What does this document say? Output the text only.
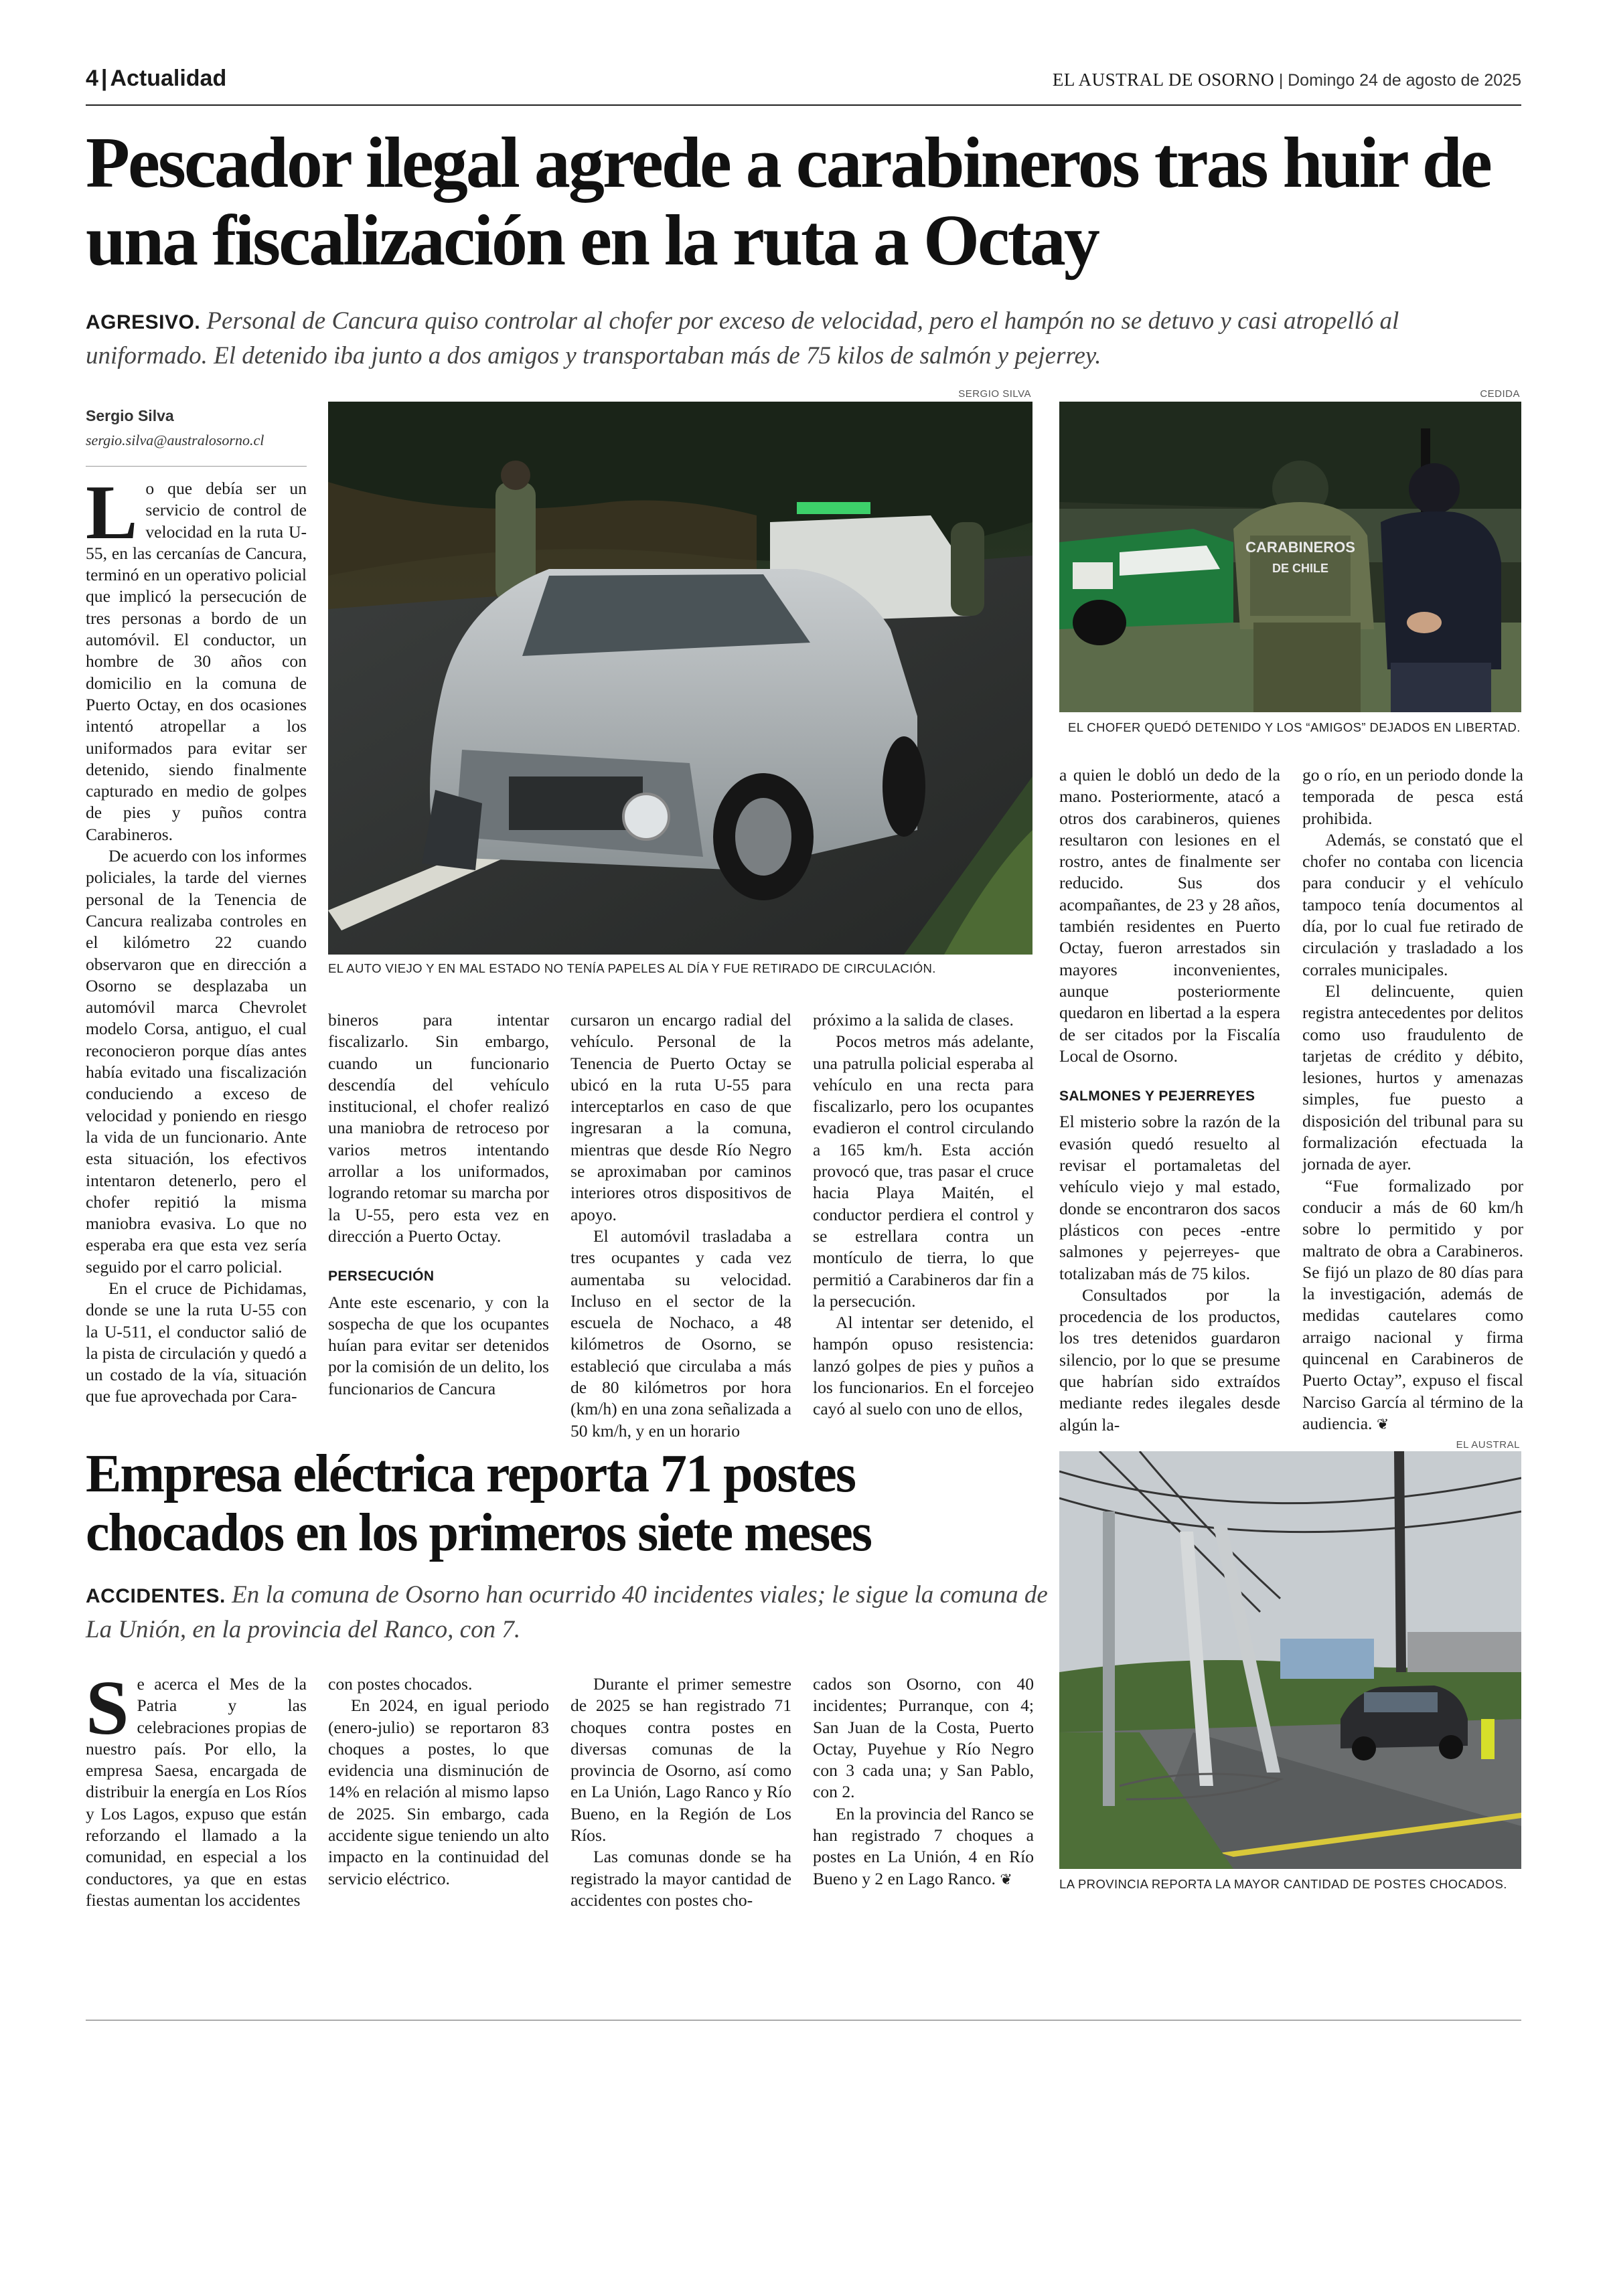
4 | Actualidad	EL AUSTRAL DE OSORNO | Domingo 24 de agosto de 2025
Pescador ilegal agrede a carabineros tras huir de una fiscalización en la ruta a Octay
AGRESIVO. Personal de Cancura quiso controlar al chofer por exceso de velocidad, pero el hampón no se detuvo y casi atropelló al uniformado. El detenido iba junto a dos amigos y transportaban más de 75 kilos de salmón y pejerrey.
Sergio Silva
sergio.silva@australosorno.cl
SERGIO SILVA
EL AUTO VIEJO Y EN MAL ESTADO NO TENÍA PAPELES AL DÍA Y FUE RETIRADO DE CIRCULACIÓN.
CEDIDA
CARABINEROS
DE CHILE
EL CHOFER QUEDÓ DETENIDO Y LOS “AMIGOS” DEJADOS EN LIBERTAD.

Lo que debía ser un servicio de control de velocidad en la ruta U-55, en las cercanías de Cancura, terminó en un operativo policial que implicó la persecución de tres personas a bordo de un automóvil. El conductor, un hombre de 30 años con domicilio en la comuna de Puerto Octay, en dos ocasiones intentó atropellar a los uniformados para evitar ser detenido, siendo finalmente capturado en medio de golpes de pies y puños contra Carabineros.

De acuerdo con los informes policiales, la tarde del viernes personal de la Tenencia de Cancura realizaba controles en el kilómetro 22 cuando observaron que en dirección a Osorno se desplazaba un automóvil marca Chevrolet modelo Corsa, antiguo, el cual reconocieron porque días antes había evitado una fiscalización conduciendo a exceso de velocidad y poniendo en riesgo la vida de un funcionario. Ante esta situación, los efectivos intentaron detenerlo, pero el chofer repitió la misma maniobra evasiva. Lo que no esperaba era que esta vez sería seguido por el carro policial.

En el cruce de Pichidamas, donde se une la ruta U-55 con la U-511, el conductor salió de la pista de circulación y quedó a un costado de la vía, situación que fue aprovechada por Cara-

bineros para intentar fiscalizarlo. Sin embargo, cuando un funcionario descendía del vehículo institucional, el chofer realizó una maniobra de retroceso por varios metros intentando arrollar a los uniformados, logrando retomar su marcha por la U-55, pero esta vez en dirección a Puerto Octay.

PERSECUCIÓN

Ante este escenario, y con la sospecha de que los ocupantes huían para evitar ser detenidos por la comisión de un delito, los funcionarios de Cancura

cursaron un encargo radial del vehículo. Personal de la Tenencia de Puerto Octay se ubicó en la ruta U-55 para interceptarlos en caso de que ingresaran a la comuna, mientras que desde Río Negro se aproximaban por caminos interiores otros dispositivos de apoyo.

El automóvil trasladaba a tres ocupantes y cada vez aumentaba su velocidad. Incluso en el sector de la escuela de Nochaco, a 48 kilómetros de Osorno, se estableció que circulaba a más de 80 kilómetros por hora (km/h) en una zona señalizada a 50 km/h, y en un horario

próximo a la salida de clases.

Pocos metros más adelante, una patrulla policial esperaba al vehículo en una recta para fiscalizarlo, pero los ocupantes evadieron el control circulando a 165 km/h. Esta acción provocó que, tras pasar el cruce hacia Playa Maitén, el conductor perdiera el control y se estrellara contra un montículo de tierra, lo que permitió a Carabineros dar fin a la persecución.

Al intentar ser detenido, el hampón opuso resistencia: lanzó golpes de pies y puños a los funcionarios. En el forcejeo cayó al suelo con uno de ellos,

a quien le dobló un dedo de la mano. Posteriormente, atacó a otros dos carabineros, quienes resultaron con lesiones en el rostro, antes de finalmente ser reducido. Sus dos acompañantes, de 23 y 28 años, también residentes en Puerto Octay, fueron arrestados sin mayores inconvenientes, aunque posteriormente quedaron en libertad a la espera de ser citados por la Fiscalía Local de Osorno.

SALMONES Y PEJERREYES

El misterio sobre la razón de la evasión quedó resuelto al revisar el portamaletas del vehículo viejo y mal estado, donde se encontraron dos sacos plásticos con peces -entre salmones y pejerreyes- que totalizaban más de 75 kilos.

Consultados por la procedencia de los productos, los tres detenidos guardaron silencio, por lo que se presume que habrían sido extraídos mediante redes ilegales desde algún la-

go o río, en un periodo donde la temporada de pesca está prohibida.

Además, se constató que el chofer no contaba con licencia para conducir y el vehículo tampoco tenía documentos al día, por lo cual fue retirado de circulación y trasladado a los corrales municipales.

El delincuente, quien registra antecedentes por delitos como uso fraudulento de tarjetas de crédito y débito, lesiones, hurtos y amenazas simples, fue puesto a disposición del tribunal para su formalización efectuada la jornada de ayer.

“Fue formalizado por conducir a más de 60 km/h sobre lo permitido y por maltrato de obra a Carabineros. Se fijó un plazo de 80 días para la investigación, además de medidas cautelares como arraigo nacional y firma quincenal en Carabineros de Puerto Octay”, expuso el fiscal Narciso García al término de la audiencia. ❦

Empresa eléctrica reporta 71 postes chocados en los primeros siete meses
ACCIDENTES. En la comuna de Osorno han ocurrido 40 incidentes viales; le sigue la comuna de La Unión, en la provincia del Ranco, con 7.
EL AUSTRAL
LA PROVINCIA REPORTA LA MAYOR CANTIDAD DE POSTES CHOCADOS.

Se acerca el Mes de la Patria y las celebraciones propias de nuestro país. Por ello, la empresa Saesa, encargada de distribuir la energía en Los Ríos y Los Lagos, expuso que están reforzando el llamado a la comunidad, en especial a los conductores, ya que en estas fiestas aumentan los accidentes

con postes chocados.

En 2024, en igual periodo (enero-julio) se reportaron 83 choques a postes, lo que evidencia una disminución de 14% en relación al mismo lapso de 2025. Sin embargo, cada accidente sigue teniendo un alto impacto en la continuidad del servicio eléctrico.

Durante el primer semestre de 2025 se han registrado 71 choques contra postes en diversas comunas de la provincia de Osorno, así como en La Unión, Lago Ranco y Río Bueno, en la Región de Los Ríos.

Las comunas donde se ha registrado la mayor cantidad de accidentes con postes cho-

cados son Osorno, con 40 incidentes; Purranque, con 4; San Juan de la Costa, Puerto Octay, Puyehue y Río Negro con 3 cada una; y San Pablo, con 2.

En la provincia del Ranco se han registrado 7 choques a postes en La Unión, 4 en Río Bueno y 2 en Lago Ranco. ❦
